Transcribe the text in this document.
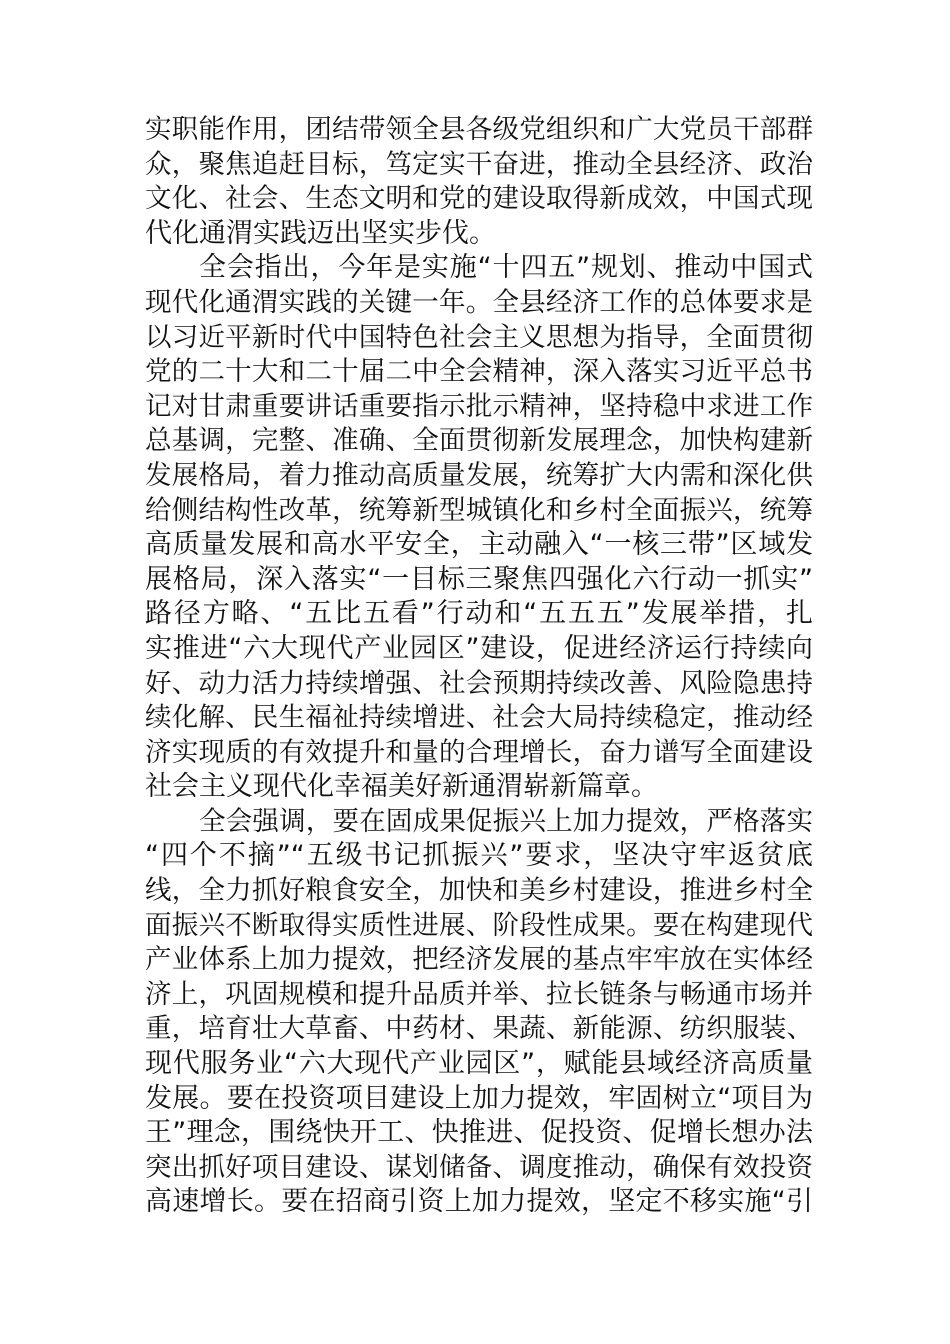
实职能作用，团结带领全县各级党组织和广大党员干部群
众，聚焦追赶目标，笃定实干奋进，推动全县经济、政治
文化、社会、生态文明和党的建设取得新成效，中国式现
代化通渭实践迈出坚实步伐。
全会指出，今年是实施“十四五”规划、推动中国式
现代化通渭实践的关键一年。全县经济工作的总体要求是
以习近平新时代中国特色社会主义思想为指导，全面贯彻
党的二十大和二十届二中全会精神，深入落实习近平总书
记对甘肃重要讲话重要指示批示精神，坚持稳中求进工作
总基调，完整、准确、全面贯彻新发展理念，加快构建新
发展格局，着力推动高质量发展，统筹扩大内需和深化供
给侧结构性改革，统筹新型城镇化和乡村全面振兴，统筹
高质量发展和高水平安全，主动融入“一核三带”区域发
展格局，深入落实“一目标三聚焦四强化六行动一抓实”
路径方略、“五比五看”行动和“五五五”发展举措，扎
实推进“六大现代产业园区”建设，促进经济运行持续向
好、动力活力持续增强、社会预期持续改善、风险隐患持
续化解、民生福祉持续增进、社会大局持续稳定，推动经
济实现质的有效提升和量的合理增长，奋力谱写全面建设
社会主义现代化幸福美好新通渭崭新篇章。
全会强调，要在固成果促振兴上加力提效，严格落实
“四个不摘”“五级书记抓振兴”要求，坚决守牢返贫底
线，全力抓好粮食安全，加快和美乡村建设，推进乡村全
面振兴不断取得实质性进展、阶段性成果。要在构建现代
产业体系上加力提效，把经济发展的基点牢牢放在实体经
济上，巩固规模和提升品质并举、拉长链条与畅通市场并
重，培育壮大草畜、中药材、果蔬、新能源、纺织服装、
现代服务业“六大现代产业园区”，赋能县域经济高质量
发展。要在投资项目建设上加力提效，牢固树立“项目为
王”理念，围绕快开工、快推进、促投资、促增长想办法
突出抓好项目建设、谋划储备、调度推动，确保有效投资
高速增长。要在招商引资上加力提效，坚定不移实施“引
